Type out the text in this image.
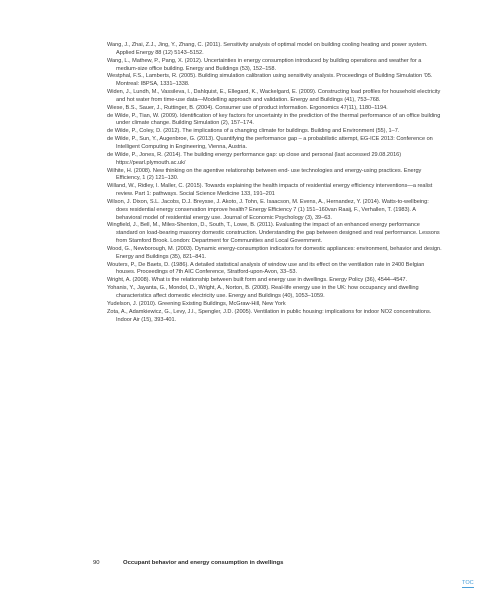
Wang, J., Zhai, Z.J., Jing, Y., Zhang, C. (2011). Sensitivity analysis of optimal model on building cooling heating and power system. Applied Energy 88 (12) 5143–5152.

Wang, L., Mathew, P., Pang, X. (2012). Uncertainties in energy consumption introduced by building operations and weather for a medium-size office building. Energy and Buildings (53), 152–158.

Westphal, F.S., Lamberts, R. (2005). Building simulation calibration using sensitivity analysis. Proceedings of Building Simulation '05. Montreal: IBPSA, 1331–1338.

Widen, J., Lundh, M., Vassileva, I., Dahlquist, E., Ellegard, K., Wackelgard, E. (2009). Constructing load profiles for household electricity and hot water from time-use data—Modelling approach and validation. Energy and Buildings (41), 753–768.

Wiese, B.S., Sauer, J., Ruttinger, B. (2004). Consumer use of product information. Ergonomics 47(11), 1180–1194.

de Wilde, P., Tian, W. (2009). Identification of key factors for uncertainty in the prediction of the thermal performance of an office building under climate change. Building Simulation (2), 157–174.

de Wilde, P., Coley, D. (2012). The implications of a changing climate for buildings. Building and Environment (55), 1–7.

de Wilde, P., Sun, Y., Augenbroe, G. (2013). Quantifying the performance gap – a probabilistic attempt, EG-ICE 2013: Conference on Intelligent Computing in Engineering, Vienna, Austria.

de Wilde, P., Jones, R. (2014). The building energy performance gap: up close and personal (last accessed 29.08.2016) https://pearl.plymouth.ac.uk/

Wilhite, H. (2008). New thinking on the agentive relationship between end- use technologies and energy-using practices. Energy Efficiency, 1 (2) 121–130.

Willand, W., Ridley, I. Maller, C. (2015). Towards explaining the health impacts of residential energy efficiency interventions—a realist review. Part 1: pathways. Social Science Medicine 133, 191–201

Wilson, J. Dixon, S.L. Jacobs, D.J. Breysse, J. Akoto, J. Tohn, E. Isaacson, M. Evens, A., Hernandez, Y. (2014). Watts-to-wellbeing: does residential energy conservation improve health? Energy Efficiency 7 (1) 151–160van Raaij, F., Verhallen, T. (1983). A behavioral model of residential energy use. Journal of Economic Psychology (3), 39–63.

Wingfield, J., Bell, M., Miles-Shenton, D., South, T., Lowe, B. (2011). Evaluating the impact of an enhanced energy performance standard on load-bearing masonry domestic construction. Understanding the gap between designed and real performance. Lessons from Stamford Brook. London: Department for Communities and Local Government.

Wood, G., Newborough, M. (2003). Dynamic energy-consumption indicators for domestic appliances: environment, behavior and design. Energy and Buildings (35), 821–841.

Wouters, P., De Baets, D. (1986). A detailed statistical analysis of window use and its effect on the ventilation rate in 2400 Belgian houses. Proceedings of 7th AIC Conference, Stratford-upon-Avon, 33–53.

Wright, A. (2008). What is the relationship between built form and energy use in dwellings. Energy Policy (36), 4544–4547.

Yohanis, Y., Jayanta, G., Mondol, D., Wright, A., Norton, B. (2008). Real-life energy use in the UK: how occupancy and dwelling characteristics affect domestic electricity use. Energy and Buildings (40), 1053–1059.

Yudelson, J. (2010). Greening Existing Buildings, McGraw-Hill, New York

Zota, A., Adamkiewicz, G., Levy, J.I., Spengler, J.D. (2005). Ventilation in public housing: implications for indoor NO2 concentrations. Indoor Air (15), 393-401.

90	Occupant behavior and energy consumption in dwellings
TOC
